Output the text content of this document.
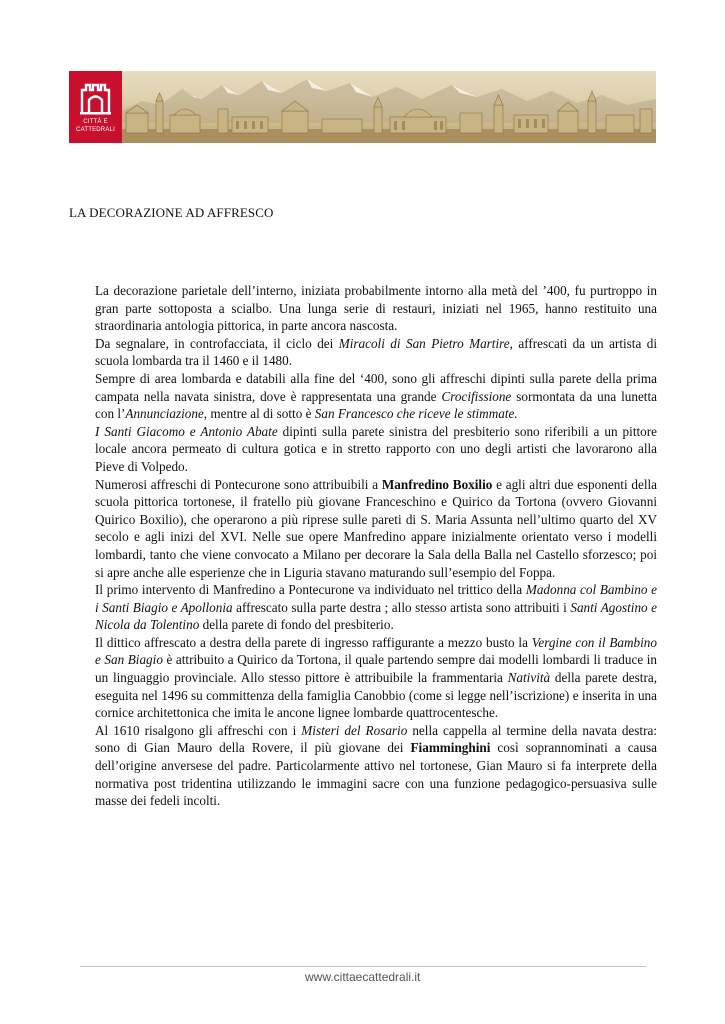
CITTÀ E
CATTEDRALI
LA DECORAZIONE AD AFFRESCO

La decorazione parietale dell’interno, iniziata probabilmente intorno alla metà del ’400, fu purtroppo in gran parte sottoposta a scialbo. Una lunga serie di restauri, iniziati nel 1965, hanno restituito una straordinaria antologia pittorica, in parte ancora nascosta.

Da segnalare, in controfacciata, il ciclo dei Miracoli di San Pietro Martire, affrescati da un artista di scuola lombarda tra il 1460 e il 1480.

Sempre di area lombarda e databili alla fine del ‘400, sono gli affreschi dipinti sulla parete della prima campata nella navata sinistra, dove è rappresentata una grande Crocifissione sormontata da una lunetta con l’Annunciazione, mentre al di sotto è San Francesco che riceve le stimmate.

I Santi Giacomo e Antonio Abate dipinti sulla parete sinistra del presbiterio sono riferibili a un pittore locale ancora permeato di cultura gotica e in stretto rapporto con uno degli artisti che lavorarono alla Pieve di Volpedo.

Numerosi affreschi di Pontecurone sono attribuibili a Manfredino Boxilio e agli altri due esponenti della scuola pittorica tortonese, il fratello più giovane Franceschino e Quirico da Tortona (ovvero Giovanni Quirico Boxilio), che operarono a più riprese sulle pareti di S. Maria Assunta nell’ultimo quarto del XV secolo e agli inizi del XVI. Nelle sue opere Manfredino appare inizialmente orientato verso i modelli lombardi, tanto che viene convocato a Milano per decorare la Sala della Balla nel Castello sforzesco; poi si apre anche alle esperienze che in Liguria stavano maturando sull’esempio del Foppa.

Il primo intervento di Manfredino a Pontecurone va individuato nel trittico della Madonna col Bambino e i Santi Biagio e Apollonia affrescato sulla parte destra ; allo stesso artista sono attribuiti i Santi Agostino e Nicola da Tolentino della parete di fondo del presbiterio.

Il dittico affrescato a destra della parete di ingresso raffigurante a mezzo busto la Vergine con il Bambino e San Biagio è attribuito a Quirico da Tortona, il quale partendo sempre dai modelli lombardi li traduce in un linguaggio provinciale. Allo stesso pittore è attribuibile la frammentaria Natività della parete destra, eseguita nel 1496 su committenza della famiglia Canobbio (come si legge nell’iscrizione) e inserita in una cornice architettonica che imita le ancone lignee lombarde quattrocentesche.

Al 1610 risalgono gli affreschi con i Misteri del Rosario nella cappella al termine della navata destra: sono di Gian Mauro della Rovere, il più giovane dei Fiamminghini così soprannominati a causa dell’origine anversese del padre. Particolarmente attivo nel tortonese, Gian Mauro si fa interprete della normativa post tridentina utilizzando le immagini sacre con una funzione pedagogico-persuasiva sulle masse dei fedeli incolti.

www.cittaecattedrali.it
